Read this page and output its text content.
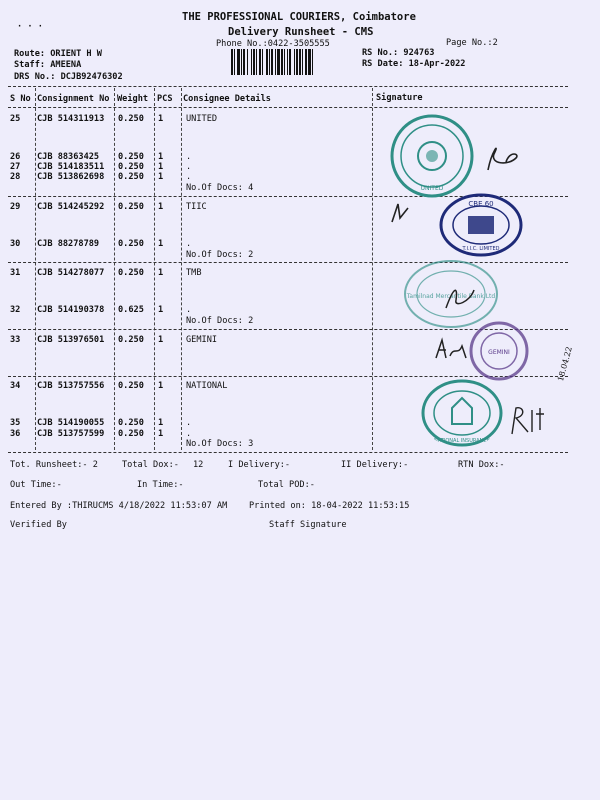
· · ·
THE PROFESSIONAL COURIERS, Coimbatore
Delivery Runsheet - CMS
Phone No.:0422-3505555	Page No.:2
Route: ORIENT H W
Staff: AMEENA
DRS No.: DCJB92476302
RS No.: 924763
RS Date: 18-Apr-2022
S No Consignment No Weight PCS Consignee Details	Signature
25 CJB 514311913 0.250 1	UNITED
26 CJB 88363425 0.250 1	.
27 CJB 514183511 0.250 1	.
28 CJB 513862698 0.250 1	.
No.Of Docs: 4
29 CJB 514245292 0.250 1	TIIC
30 CJB 88278789 0.250 1	.
No.Of Docs: 2
31 CJB 514278077 0.250 1	TMB
32 CJB 514190378 0.625 1	.
No.Of Docs: 2
33 CJB 513976501 0.250 1	GEMINI
34 CJB 513757556 0.250 1	NATIONAL
35 CJB 514190055 0.250 1	.
36 CJB 513757599 0.250 1	.
No.Of Docs: 3
UNITED
CBE 60
T.I.I.C. LIMITED
Tamilnad Mercantile Bank Ltd
GEMINI
NATIONAL INSURANCE
18.04.22
Tot. Runsheet:- 2	Total Dox:- 12	I Delivery:-	II Delivery:-	RTN Dox:-
Out Time:-	In Time:-	Total POD:-
Entered By :THIRUCMS 4/18/2022 11:53:07 AM	Printed on: 18-04-2022 11:53:15
Verified By	Staff Signature
